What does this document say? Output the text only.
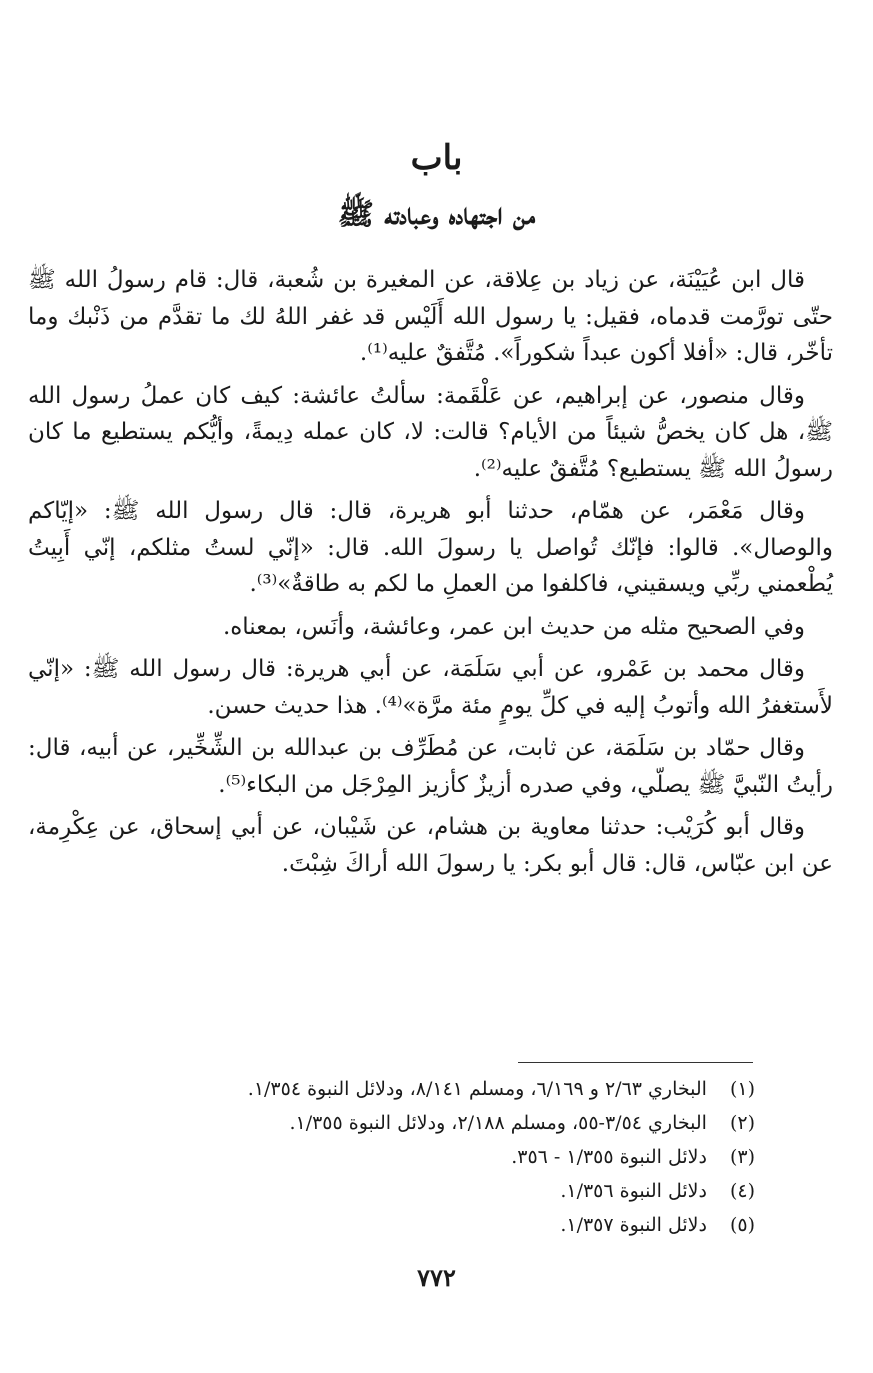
باب
من اجتهاده وعبادته ﷺ

قال ابن عُيَيْنَة، عن زياد بن عِلاقة، عن المغيرة بن شُعبة، قال: قام رسولُ الله ﷺ حتّى تورَّمت قدماه، فقيل: يا رسول الله أَلَيْس قد غفر اللهُ لك ما تقدَّم من ذَنْبك وما تأخّر، قال: «أفلا أكون عبداً شكوراً». مُتَّفقٌ عليه⁽¹⁾.

وقال منصور، عن إبراهيم، عن عَلْقَمة: سألتُ عائشة: كيف كان عملُ رسول الله ﷺ، هل كان يخصُّ شيئاً من الأيام؟ قالت: لا، كان عمله دِيمةً، وأيُّكم يستطيع ما كان رسولُ الله ﷺ يستطيع؟ مُتَّفقٌ عليه⁽²⁾.

وقال مَعْمَر، عن همّام، حدثنا أبو هريرة، قال: قال رسول الله ﷺ: «إيّاكم والوصال». قالوا: فإنّك تُواصل يا رسولَ الله. قال: «إنّي لستُ مثلكم، إنّي أَبِيتُ يُطْعمني ربِّي ويسقيني، فاكلفوا من العملِ ما لكم به طاقةٌ»⁽³⁾.

وفي الصحيح مثله من حديث ابن عمر، وعائشة، وأنَس، بمعناه.

وقال محمد بن عَمْرو، عن أبي سَلَمَة، عن أبي هريرة: قال رسول الله ﷺ: «إنّي لأَستغفرُ الله وأتوبُ إليه في كلِّ يومٍ مئة مرَّة»⁽⁴⁾. هذا حديث حسن.

وقال حمّاد بن سَلَمَة، عن ثابت، عن مُطَرِّف بن عبدالله بن الشِّخِّير، عن أبيه، قال: رأيتُ النّبيَّ ﷺ يصلّي، وفي صدره أزيزٌ كأزيز المِرْجَل من البكاء⁽⁵⁾.

وقال أبو كُرَيْب: حدثنا معاوية بن هشام، عن شَيْبان، عن أبي إسحاق، عن عِكْرِمة، عن ابن عبّاس، قال: قال أبو بكر: يا رسولَ الله أراكَ شِبْتَ.

(١) البخاري ٢/٦٣ و ٦/١٦٩، ومسلم ٨/١٤١، ودلائل النبوة ١/٣٥٤.
(٢) البخاري ٣/٥٤-٥٥، ومسلم ٢/١٨٨، ودلائل النبوة ١/٣٥٥.
(٣) دلائل النبوة ١/٣٥٥ - ٣٥٦.
(٤) دلائل النبوة ١/٣٥٦.
(٥) دلائل النبوة ١/٣٥٧.
٧٧٢
